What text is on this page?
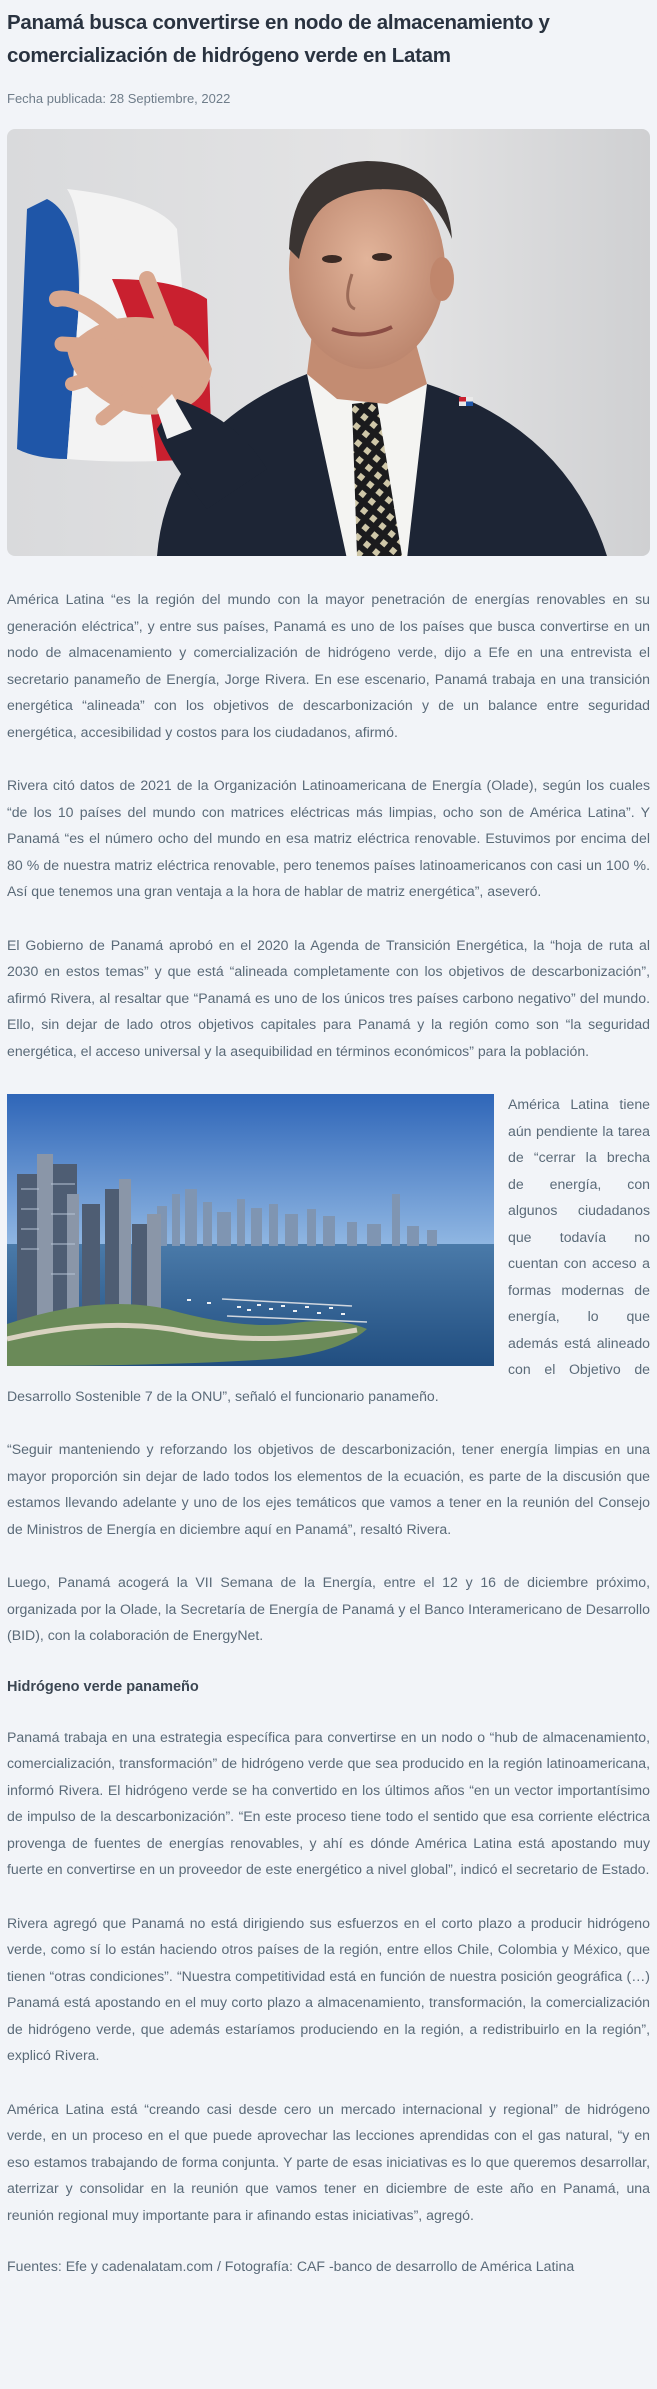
Panamá busca convertirse en nodo de almacenamiento y comercialización de hidrógeno verde en Latam
Fecha publicada: 28 Septiembre, 2022

América Latina “es la región del mundo con la mayor penetración de energías renovables en su generación eléctrica”, y entre sus países, Panamá es uno de los países que busca convertirse en un nodo de almacenamiento y comercialización de hidrógeno verde, dijo a Efe en una entrevista el secretario panameño de Energía, Jorge Rivera. En ese escenario, Panamá trabaja en una transición energética “alineada” con los objetivos de descarbonización y de un balance entre seguridad energética, accesibilidad y costos para los ciudadanos, afirmó.

Rivera citó datos de 2021 de la Organización Latinoamericana de Energía (Olade), según los cuales “de los 10 países del mundo con matrices eléctricas más limpias, ocho son de América Latina”. Y Panamá “es el número ocho del mundo en esa matriz eléctrica renovable. Estuvimos por encima del 80 % de nuestra matriz eléctrica renovable, pero tenemos países latinoamericanos con casi un 100 %. Así que tenemos una gran ventaja a la hora de hablar de matriz energética”, aseveró.

El Gobierno de Panamá aprobó en el 2020 la Agenda de Transición Energética, la “hoja de ruta al 2030 en estos temas” y que está “alineada completamente con los objetivos de descarbonización”, afirmó Rivera, al resaltar que “Panamá es uno de los únicos tres países carbono negativo” del mundo. Ello, sin dejar de lado otros objetivos capitales para Panamá y la región como son “la seguridad energética, el acceso universal y la asequibilidad en términos económicos” para la población.

América Latina tiene aún pendiente la tarea de “cerrar la brecha de energía, con algunos ciudadanos que todavía no cuentan con acceso a formas modernas de energía, lo que además está alineado con el Objetivo de Desarrollo Sostenible 7 de la ONU”, señaló el funcionario panameño.

“Seguir manteniendo y reforzando los objetivos de descarbonización, tener energía limpias en una mayor proporción sin dejar de lado todos los elementos de la ecuación, es parte de la discusión que estamos llevando adelante y uno de los ejes temáticos que vamos a tener en la reunión del Consejo de Ministros de Energía en diciembre aquí en Panamá”, resaltó Rivera.

Luego, Panamá acogerá la VII Semana de la Energía, entre el 12 y 16 de diciembre próximo, organizada por la Olade, la Secretaría de Energía de Panamá y el Banco Interamericano de Desarrollo (BID), con la colaboración de EnergyNet.

Hidrógeno verde panameño

Panamá trabaja en una estrategia específica para convertirse en un nodo o “hub de almacenamiento, comercialización, transformación” de hidrógeno verde que sea producido en la región latinoamericana, informó Rivera. El hidrógeno verde se ha convertido en los últimos años “en un vector importantísimo de impulso de la descarbonización”. “En este proceso tiene todo el sentido que esa corriente eléctrica provenga de fuentes de energías renovables, y ahí es dónde América Latina está apostando muy fuerte en convertirse en un proveedor de este energético a nivel global”, indicó el secretario de Estado.

Rivera agregó que Panamá no está dirigiendo sus esfuerzos en el corto plazo a producir hidrógeno verde, como sí lo están haciendo otros países de la región, entre ellos Chile, Colombia y México, que tienen “otras condiciones”. “Nuestra competitividad está en función de nuestra posición geográfica (…) Panamá está apostando en el muy corto plazo a almacenamiento, transformación, la comercialización de hidrógeno verde, que además estaríamos produciendo en la región, a redistribuirlo en la región”, explicó Rivera.

América Latina está “creando casi desde cero un mercado internacional y regional” de hidrógeno verde, en un proceso en el que puede aprovechar las lecciones aprendidas con el gas natural, “y en eso estamos trabajando de forma conjunta. Y parte de esas iniciativas es lo que queremos desarrollar, aterrizar y consolidar en la reunión que vamos tener en diciembre de este año en Panamá, una reunión regional muy importante para ir afinando estas iniciativas”, agregó.

Fuentes: Efe y cadenalatam.com / Fotografía: CAF -banco de desarrollo de América Latina
